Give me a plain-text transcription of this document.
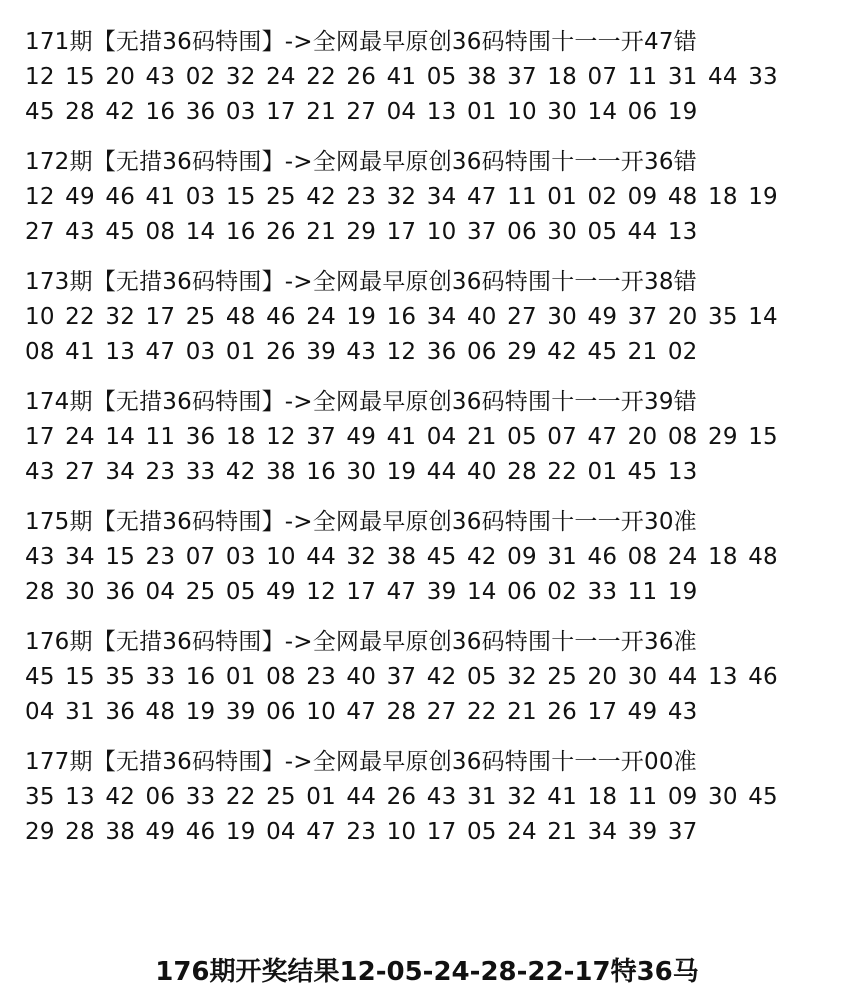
171期【无措36码特围】->全网最早原创36码特围十一一开47错
12 15 20 43 02 32 24 22 26 41 05 38 37 18 07 11 31 44 33
45 28 42 16 36 03 17 21 27 04 13 01 10 30 14 06 19
172期【无措36码特围】->全网最早原创36码特围十一一开36错
12 49 46 41 03 15 25 42 23 32 34 47 11 01 02 09 48 18 19
27 43 45 08 14 16 26 21 29 17 10 37 06 30 05 44 13
173期【无措36码特围】->全网最早原创36码特围十一一开38错
10 22 32 17 25 48 46 24 19 16 34 40 27 30 49 37 20 35 14
08 41 13 47 03 01 26 39 43 12 36 06 29 42 45 21 02
174期【无措36码特围】->全网最早原创36码特围十一一开39错
17 24 14 11 36 18 12 37 49 41 04 21 05 07 47 20 08 29 15
43 27 34 23 33 42 38 16 30 19 44 40 28 22 01 45 13
175期【无措36码特围】->全网最早原创36码特围十一一开30准
43 34 15 23 07 03 10 44 32 38 45 42 09 31 46 08 24 18 48
28 30 36 04 25 05 49 12 17 47 39 14 06 02 33 11 19
176期【无措36码特围】->全网最早原创36码特围十一一开36准
45 15 35 33 16 01 08 23 40 37 42 05 32 25 20 30 44 13 46
04 31 36 48 19 39 06 10 47 28 27 22 21 26 17 49 43
177期【无措36码特围】->全网最早原创36码特围十一一开00准
35 13 42 06 33 22 25 01 44 26 43 31 32 41 18 11 09 30 45
29 28 38 49 46 19 04 47 23 10 17 05 24 21 34 39 37
176期开奖结果12-05-24-28-22-17特36马
